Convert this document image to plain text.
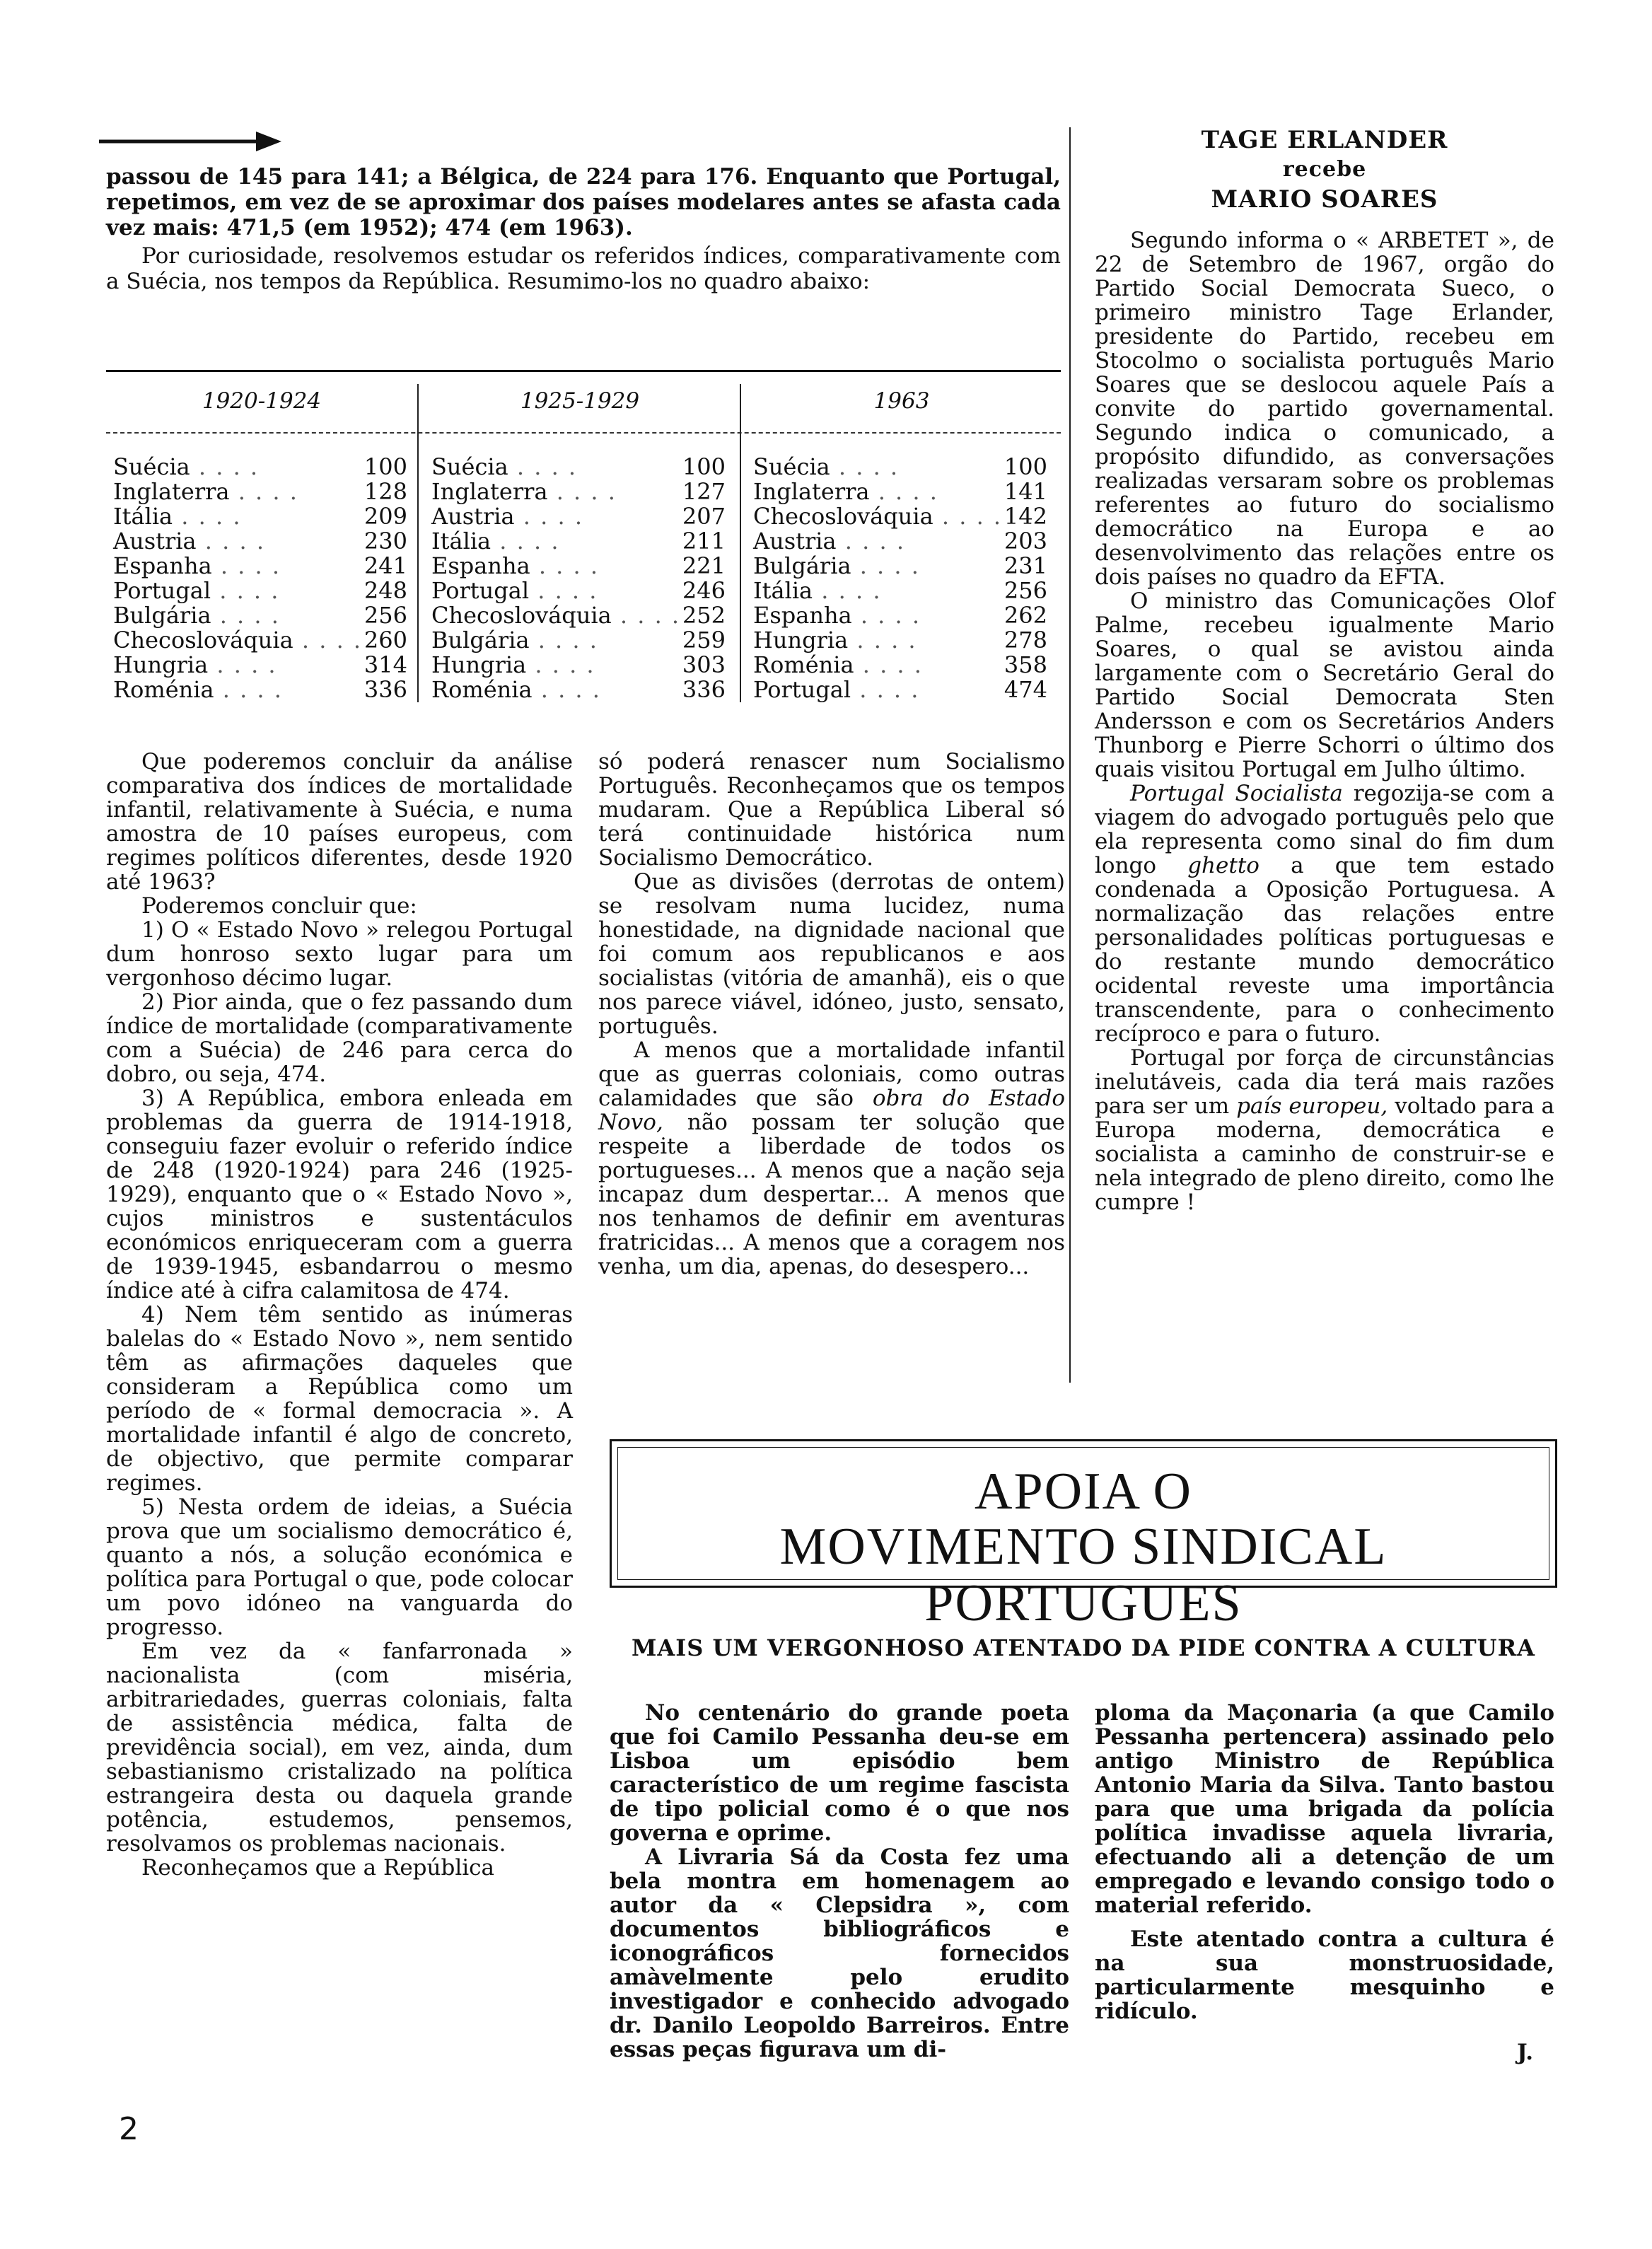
passou de 145 para 141; a Bélgica, de 224 para 176. Enquanto que Portugal, repetimos, em vez de se aproximar dos países modelares antes se afasta cada vez mais: 471,5 (em 1952); 474 (em 1963).

Por curiosidade, resolvemos estudar os referidos índices, comparativamente com a Suécia, nos tempos da República. Resumimo-los no quadro abaixo:

1920-1924
Suécia . . . .	100
Inglaterra . . . .	128
Itália . . . .	209
Austria . . . .	230
Espanha . . . .	241
Portugal . . . .	248
Bulgária . . . .	256
Checoslováquia . . . .	260
Hungria . . . .	314
Roménia . . . .	336
1925-1929
Suécia . . . .	100
Inglaterra . . . .	127
Austria . . . .	207
Itália . . . .	211
Espanha . . . .	221
Portugal . . . .	246
Checoslováquia . . . .	252
Bulgária . . . .	259
Hungria . . . .	303
Roménia . . . .	336
1963
Suécia . . . .	100
Inglaterra . . . .	141
Checoslováquia . . . .	142
Austria . . . .	203
Bulgária . . . .	231
Itália . . . .	256
Espanha . . . .	262
Hungria . . . .	278
Roménia . . . .	358
Portugal . . . .	474

Que poderemos concluir da análise comparativa dos índices de mortalidade infantil, relativamente à Suécia, e numa amostra de 10 países europeus, com regimes políticos diferentes, desde 1920 até 1963?

Poderemos concluir que:

1) O « Estado Novo » relegou Portugal dum honroso sexto lugar para um vergonhoso décimo lugar.

2) Pior ainda, que o fez passando dum índice de mortalidade (comparativamente com a Suécia) de 246 para cerca do dobro, ou seja, 474.

3) A República, embora enleada em problemas da guerra de 1914-1918, conseguiu fazer evoluir o referido índice de 248 (1920-1924) para 246 (1925-1929), enquanto que o « Estado Novo », cujos ministros e sustentáculos económicos enriqueceram com a guerra de 1939-1945, esbandarrou o mesmo índice até à cifra calamitosa de 474.

4) Nem têm sentido as inúmeras balelas do « Estado Novo », nem sentido têm as afirmações daqueles que consideram a República como um período de « formal democracia ». A mortalidade infantil é algo de concreto, de objectivo, que permite comparar regimes.

5) Nesta ordem de ideias, a Suécia prova que um socialismo democrático é, quanto a nós, a solução económica e política para Portugal o que, pode colocar um povo idóneo na vanguarda do progresso.

Em vez da « fanfarronada » nacionalista (com miséria, arbitrariedades, guerras coloniais, falta de assistência médica, falta de previdência social), em vez, ainda, dum sebastianismo cristalizado na política estrangeira desta ou daquela grande potência, estudemos, pensemos, resolvamos os problemas nacionais.

Reconheçamos que a República

só poderá renascer num Socialismo Português. Reconheçamos que os tempos mudaram. Que a República Liberal só terá continuidade histórica num Socialismo Democrático.

Que as divisões (derrotas de ontem) se resolvam numa lucidez, numa honestidade, na dignidade nacional que foi comum aos republicanos e aos socialistas (vitória de amanhã), eis o que nos parece viável, idóneo, justo, sensato, português.

A menos que a mortalidade infantil que as guerras coloniais, como outras calamidades que são obra do Estado Novo, não possam ter solução que respeite a liberdade de todos os portugueses... A menos que a nação seja incapaz dum despertar... A menos que nos tenhamos de definir em aventuras fratricidas... A menos que a coragem nos venha, um dia, apenas, do desespero...

TAGE ERLANDER
recebe
MARIO SOARES

Segundo informa o « ARBETET », de 22 de Setembro de 1967, orgão do Partido Social Democrata Sueco, o primeiro ministro Tage Erlander, presidente do Partido, recebeu em Stocolmo o socialista português Mario Soares que se deslocou aquele País a convite do partido governamental. Segundo indica o comunicado, a propósito difundido, as conversações realizadas versaram sobre os problemas referentes ao futuro do socialismo democrático na Europa e ao desenvolvimento das relações entre os dois países no quadro da EFTA.

O ministro das Comunicações Olof Palme, recebeu igualmente Mario Soares, o qual se avistou ainda largamente com o Secretário Geral do Partido Social Democrata Sten Andersson e com os Secretários Anders Thunborg e Pierre Schorri o último dos quais visitou Portugal em Julho último.

Portugal Socialista regozija-se com a viagem do advogado português pelo que ela representa como sinal do fim dum longo ghetto a que tem estado condenada a Oposição Portuguesa. A normalização das relações entre personalidades políticas portuguesas e do restante mundo democrático ocidental reveste uma importância transcendente, para o conhecimento recíproco e para o futuro.

Portugal por força de circunstâncias inelutáveis, cada dia terá mais razões para ser um país europeu, voltado para a Europa moderna, democrática e socialista a caminho de construir-se e nela integrado de pleno direito, como lhe cumpre !

APOIA O
MOVIMENTO SINDICAL PORTUGUES
MAIS UM VERGONHOSO ATENTADO DA PIDE CONTRA A CULTURA

No centenário do grande poeta que foi Camilo Pessanha deu-se em Lisboa um episódio bem característico de um regime fascista de tipo policial como é o que nos governa e oprime.

A Livraria Sá da Costa fez uma bela montra em homenagem ao autor da « Clepsidra », com documentos bibliográficos e iconográficos fornecidos amàvelmente pelo erudito investigador e conhecido advogado dr. Danilo Leopoldo Barreiros. Entre essas peças figurava um di-

ploma da Maçonaria (a que Camilo Pessanha pertencera) assinado pelo antigo Ministro de República Antonio Maria da Silva. Tanto bastou para que uma brigada da polícia política invadisse aquela livraria, efectuando ali a detenção de um empregado e levando consigo todo o material referido.

Este atentado contra a cultura é na sua monstruosidade, particularmente mesquinho e ridículo.

J.
2
